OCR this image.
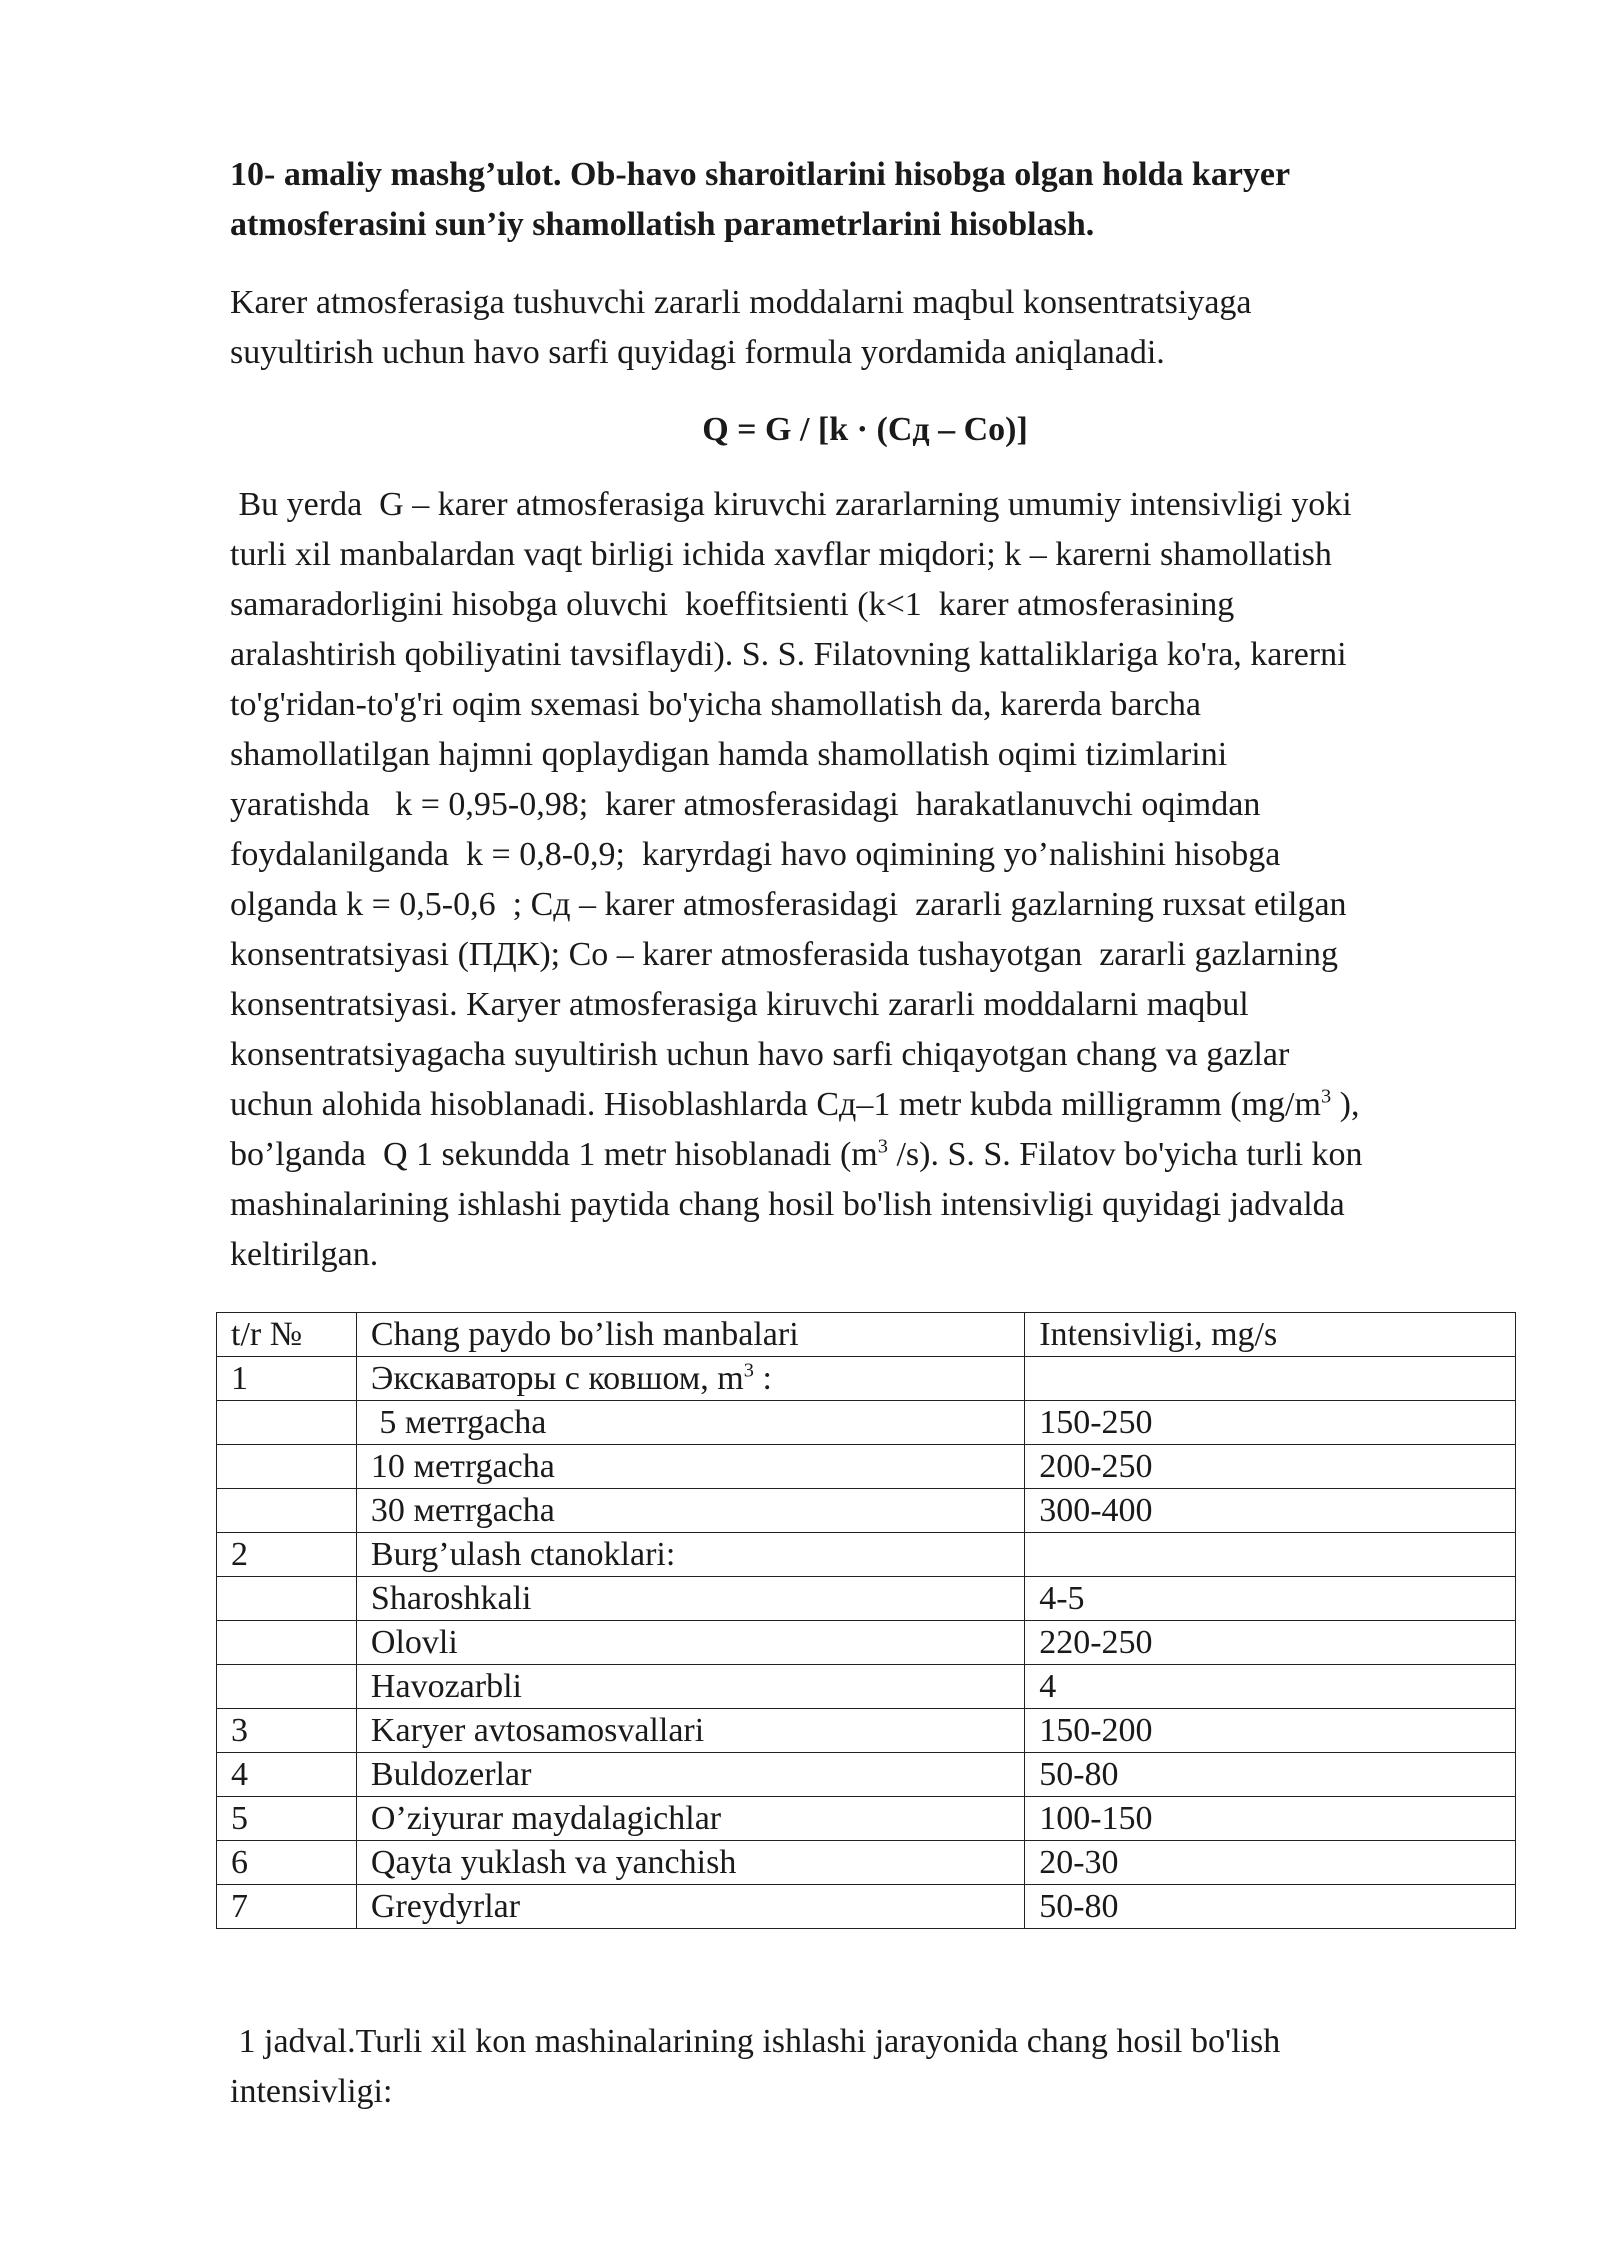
10- amaliy mashg’ulot. Ob-havo sharoitlarini hisobga olgan holda karyer
atmosferasini sun’iy shamollatish parametrlarini hisoblash.

Karer atmosferasiga tushuvchi zararli moddalarni maqbul konsentratsiyaga
suyultirish uchun havo sarfi quyidagi formula yordamida aniqlanadi.

Q = G / [k · (Сд – Co)]

Bu yerda  G – karer atmosferasiga kiruvchi zararlarning umumiy intensivligi yoki
turli xil manbalardan vaqt birligi ichida xavflar miqdori; k – karerni shamollatish
samaradorligini hisobga oluvchi  koeffitsienti (k<1  karer atmosferasining
aralashtirish qobiliyatini tavsiflaydi). S. S. Filatovning kattaliklariga ko'ra, karerni
to'g'ridan-to'g'ri oqim sxemasi bo'yicha shamollatish da, karerda barcha
shamollatilgan hajmni qoplaydigan hamda shamollatish oqimi tizimlarini
yaratishda   k = 0,95-0,98;  karer atmosferasidagi  harakatlanuvchi oqimdan
foydalanilganda  k = 0,8-0,9;  karyrdagi havo oqimining yo’nalishini hisobga
olganda k = 0,5-0,6  ; Сд – karer atmosferasidagi  zararli gazlarning ruxsat etilgan
konsentratsiyasi (ПДК); Co – karer atmosferasida tushayotgan  zararli gazlarning
konsentratsiyasi. Karyer atmosferasiga kiruvchi zararli moddalarni maqbul
konsentratsiyagacha suyultirish uchun havo sarfi chiqayotgan chang va gazlar
uchun alohida hisoblanadi. Hisoblashlarda Сд–1 metr kubda milligramm ($mg/m^3$ ),
bo’lganda  Q 1 sekundda 1 metr hisoblanadi ($m^3$ /s). S. S. Filatov bo'yicha turli kon
mashinalarining ishlashi paytida chang hosil bo'lish intensivligi quyidagi jadvalda
keltirilgan.

t/r №	Chang paydo bo’lish manbalari	Intensivligi, mg/s
1	Экскаваторы с ковшом, $m^3$ :	
	5 метrgacha	150-250
	10 метrgacha	200-250
	30 метrgacha	300-400
2	Burg’ulash сtanoklari:	
	Sharoshkali	4-5
	Olovli	220-250
	Havozarbli	4
3	Karyer avtosamosvallari	150-200
4	Buldozerlar	50-80
5	O’ziyurar maydalagichlar	100-150
6	Qayta yuklash va yanchish	20-30
7	Greydyrlar	50-80

1 jadval.Turli xil kon mashinalarining ishlashi jarayonida chang hosil bo'lish
intensivligi:
